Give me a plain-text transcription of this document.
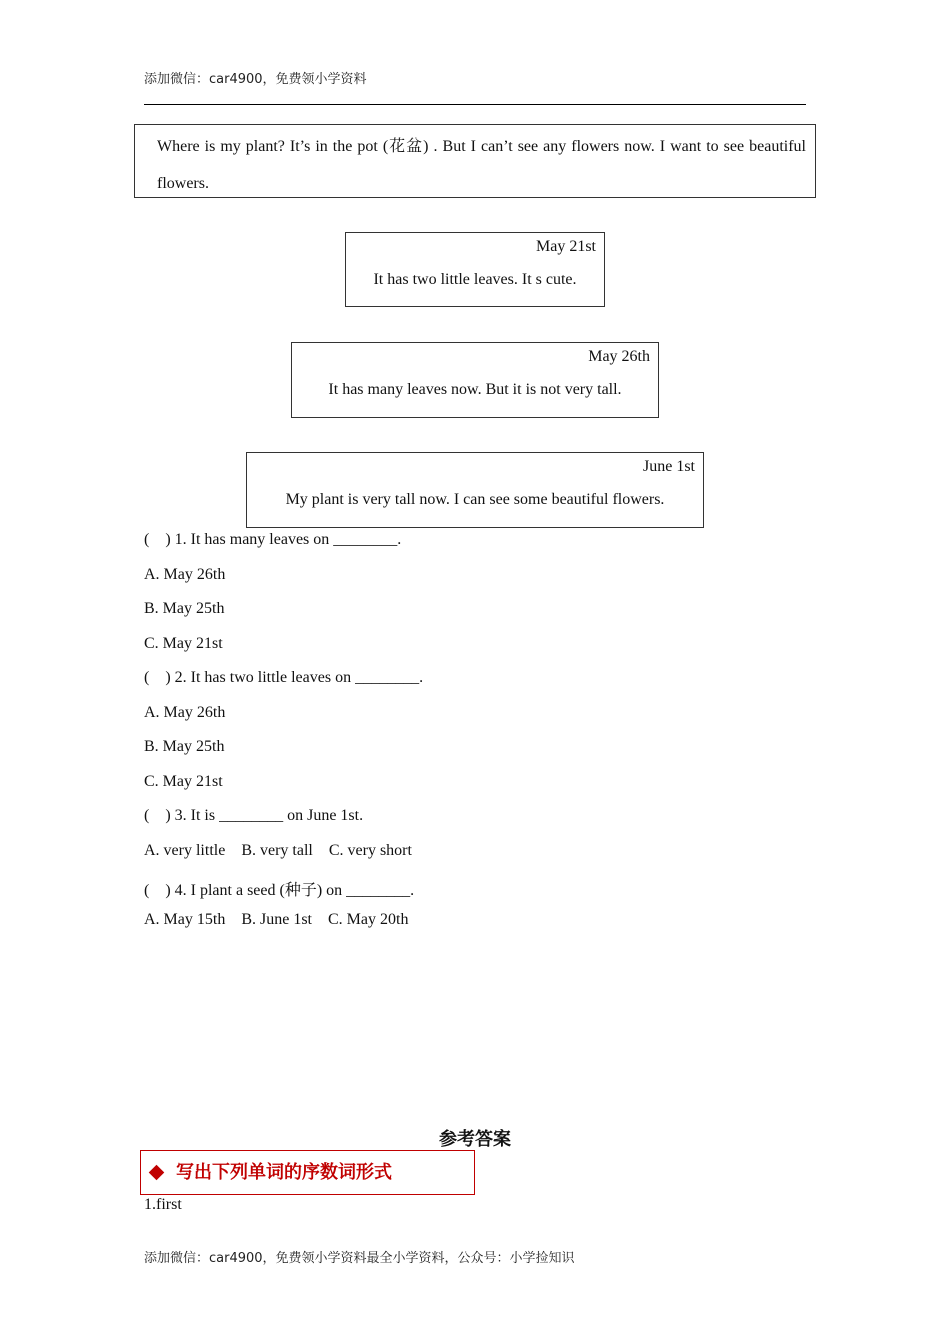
添加微信：car4900，免费领小学资料
Where is my plant? It’s in the pot (花盆) . But I can’t see any flowers now. I want to see beautiful flowers.
May 21st
It has two little leaves. It s cute.
May 26th
It has many leaves now. But it is not very tall.
June 1st
My plant is very tall now. I can see some beautiful flowers.
(    ) 1. It has many leaves on ________.
A. May 26th
B. May 25th
C. May 21st
(    ) 2. It has two little leaves on ________.
A. May 26th
B. May 25th
C. May 21st
(    ) 3. It is ________ on June 1st.
A. very little    B. very tall    C. very short
(    ) 4. I plant a seed (种子) on ________.
A. May 15th    B. June 1st    C. May 20th
参考答案
写出下列单词的序数词形式
1.first
添加微信：car4900，免费领小学资料最全小学资料，公众号：小学捡知识
